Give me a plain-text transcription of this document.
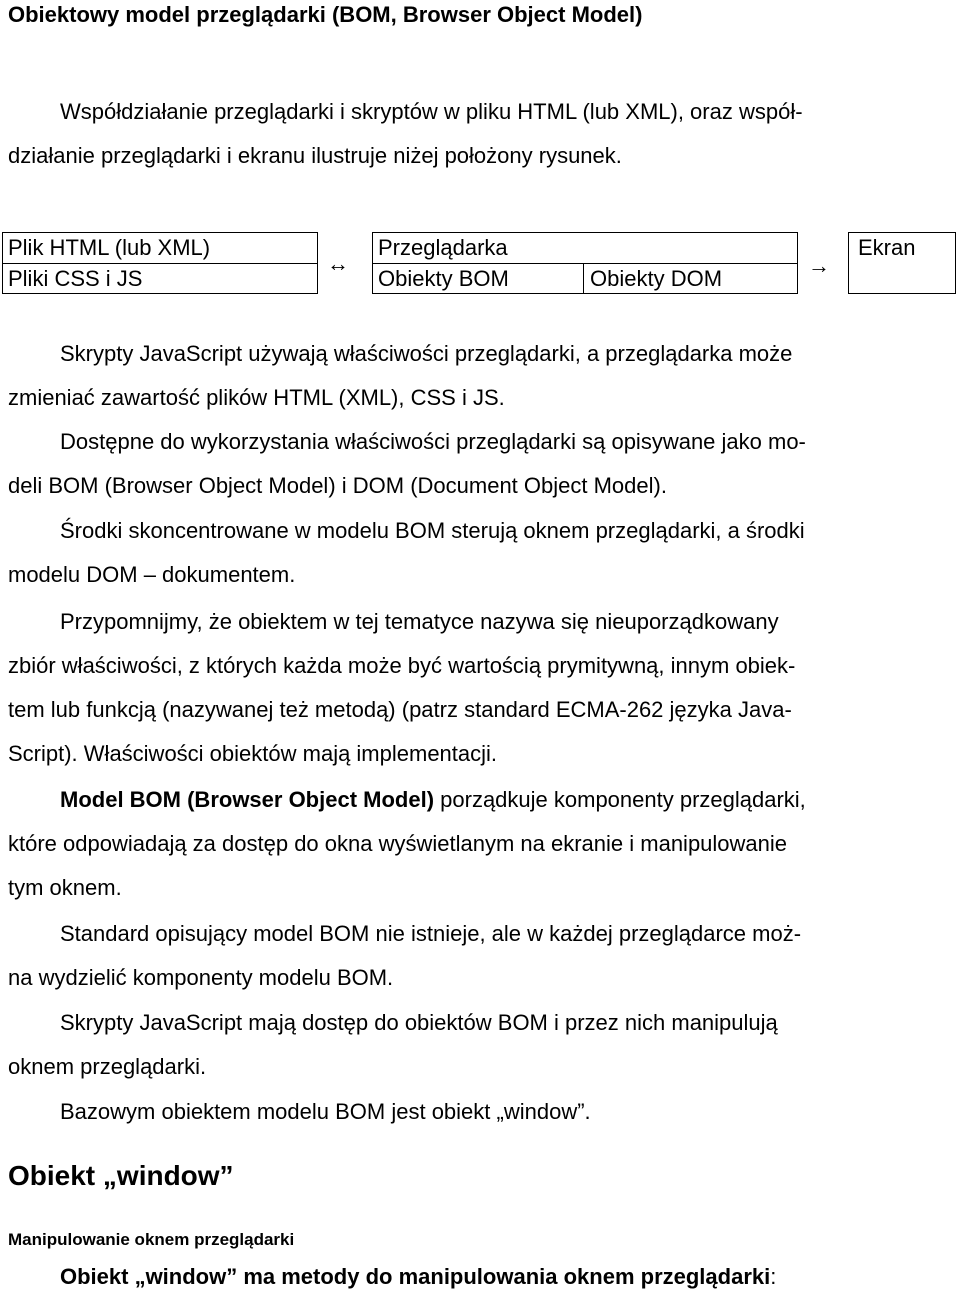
Obiektowy model przeglądarki (BOM, Browser Object Model)
Współdziałanie przeglądarki i skryptów w pliku HTML (lub XML), oraz współ-
działanie przeglądarki i ekranu ilustruje niżej położony rysunek.
Plik HTML (lub XML)
Pliki CSS i JS
↔
Przeglądarka
Obiekty BOM	Obiekty DOM
→
Ekran
Skrypty JavaScript używają właściwości przeglądarki, a przeglądarka może
zmieniać zawartość plików HTML (XML), CSS i JS.
Dostępne do wykorzystania właściwości przeglądarki są opisywane jako mo-
deli BOM (Browser Object Model) i DOM (Document Object Model).
Środki skoncentrowane w modelu BOM sterują oknem przeglądarki, a środki
modelu DOM – dokumentem.
Przypomnijmy, że obiektem w tej tematyce nazywa się nieuporządkowany
zbiór właściwości, z których każda może być wartością prymitywną, innym obiek-
tem lub funkcją (nazywanej też metodą) (patrz standard ECMA-262 języka Java-
Script). Właściwości obiektów mają implementacji.
Model BOM (Browser Object Model) porządkuje komponenty przeglądarki,
które odpowiadają za dostęp do okna wyświetlanym na ekranie i manipulowanie
tym oknem.
Standard opisujący model BOM nie istnieje, ale w każdej przeglądarce moż-
na wydzielić komponenty modelu BOM.
Skrypty JavaScript mają dostęp do obiektów BOM i przez nich manipulują
oknem przeglądarki.
Bazowym obiektem modelu BOM jest obiekt „window”.
Obiekt „window”
Manipulowanie oknem przeglądarki
Obiekt „window” ma metody do manipulowania oknem przeglądarki:
